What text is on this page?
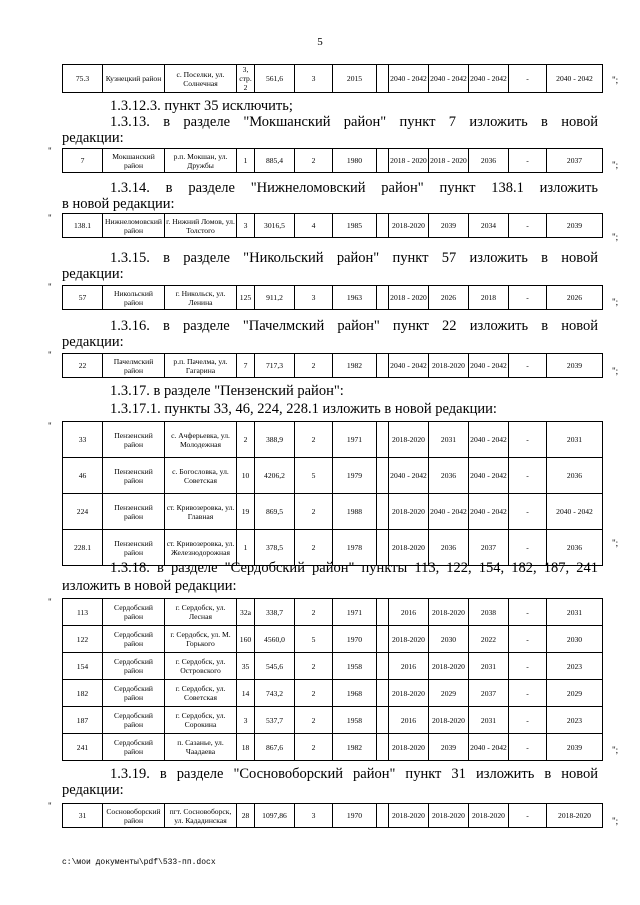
5
75.3	Кузнецкий район	с. Поселки, ул. Солнечная	3, стр. 2	561,6	3	2015		2040 - 2042	2040 - 2042	2040 - 2042	-	2040 - 2042 ";
1.3.12.3. пункт 35 исключить;
1.3.13. в разделе "Мокшанский район" пункт 7 изложить в новой
редакции:
"
7	Мокшанский район	р.п. Мокшан, ул. Дружбы	1	885,4	2	1980		2018 - 2020	2018 - 2020	2036	-	2037	";
1.3.14. в разделе "Нижнеломовский район" пункт 138.1 изложить
в новой редакции:
"
138.1	Нижнеломовский район	г. Нижний Ломов, ул. Толстого	3	3016,5	4	1985		2018-2020	2039	2034	-	2039
";
1.3.15. в разделе "Никольский район" пункт 57 изложить в новой
редакции:
"
57	Никольский район	г. Никольск, ул. Ленина	125	911,2	3	1963		2018 - 2020	2026	2018	-	2026	";
1.3.16. в разделе "Пачелмский район" пункт 22 изложить в новой
редакции:
"
22	Пачелмский район	р.п. Пачелма, ул. Гагарина	7	717,3	2	1982		2040 - 2042	2018-2020	2040 - 2042	-	2039
";
1.3.17. в разделе "Пензенский район":
1.3.17.1. пункты 33, 46, 224, 228.1 изложить в новой редакции:
"
33	Пензенский район	с. Ачферьевка, ул. Молодежная	2	388,9	2	1971		2018-2020	2031	2040 - 2042	-	2031
46	Пензенский район	с. Богословка, ул. Советская	10	4206,2	5	1979		2040 - 2042	2036	2040 - 2042	-	2036
224	Пензенский район	ст. Кривозеровка, ул. Главная	19	869,5	2	1988		2018-2020	2040 - 2042	2040 - 2042	-	2040 - 2042
228.1	Пензенский район	ст. Кривозеровка, ул. Железнодорожная	1	378,5	2	1978		2018-2020	2036	2037	-	2036	";
1.3.18. в разделе "Сердобский район" пункты 113, 122, 154, 182, 187, 241
изложить в новой редакции:
"
113	Сердобский район	г. Сердобск, ул. Лесная	32а	338,7	2	1971		2016	2018-2020	2038	-	2031
122	Сердобский район	г. Сердобск, ул. М. Горького	160	4560,0	5	1970		2018-2020	2030	2022	-	2030
154	Сердобский район	г. Сердобск, ул. Островского	35	545,6	2	1958		2016	2018-2020	2031	-	2023
182	Сердобский район	г. Сердобск, ул. Советская	14	743,2	2	1968		2018-2020	2029	2037	-	2029
187	Сердобский район	г. Сердобск, ул. Сорокина	3	537,7	2	1958		2016	2018-2020	2031	-	2023
241	Сердобский район	п. Сазанье, ул. Чаадаева	18	867,6	2	1982		2018-2020	2039	2040 - 2042	-	2039	";
1.3.19. в разделе "Сосновоборский район" пункт 31 изложить в новой
редакции:
"
31	Сосновоборский район	пгт. Сосновоборск, ул. Кададинская	28	1097,86	3	1970		2018-2020	2018-2020	2018-2020	-	2018-2020
";
c:\мои документы\pdf\533-пп.docx
